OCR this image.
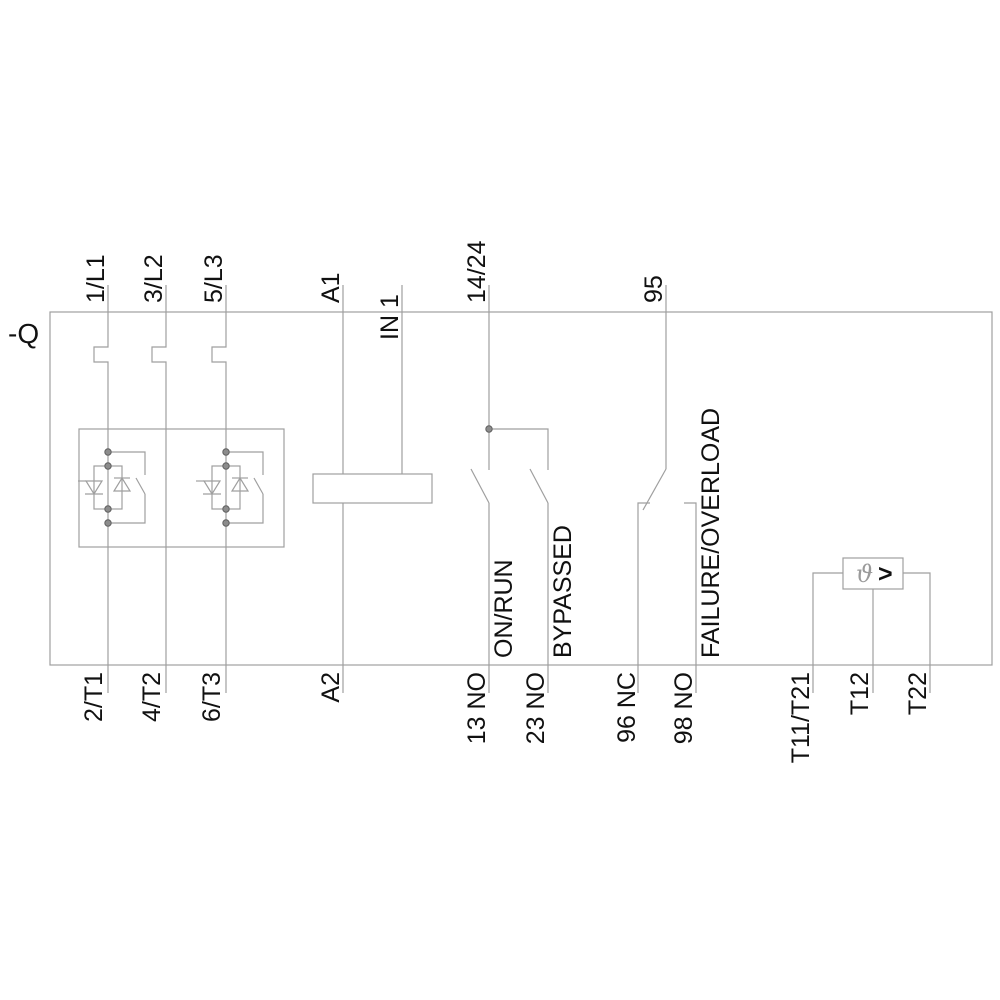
ϑ >
-Q
1/L1 3/L2 5/L3	A1
IN 1
14/24	95
2/T1 4/T2 6/T3	A2	13 NO 23 NO	96 NC 98 NO	T11/T21 T12 T22
ON/RUN BYPASSED	FAILURE/OVERLOAD
